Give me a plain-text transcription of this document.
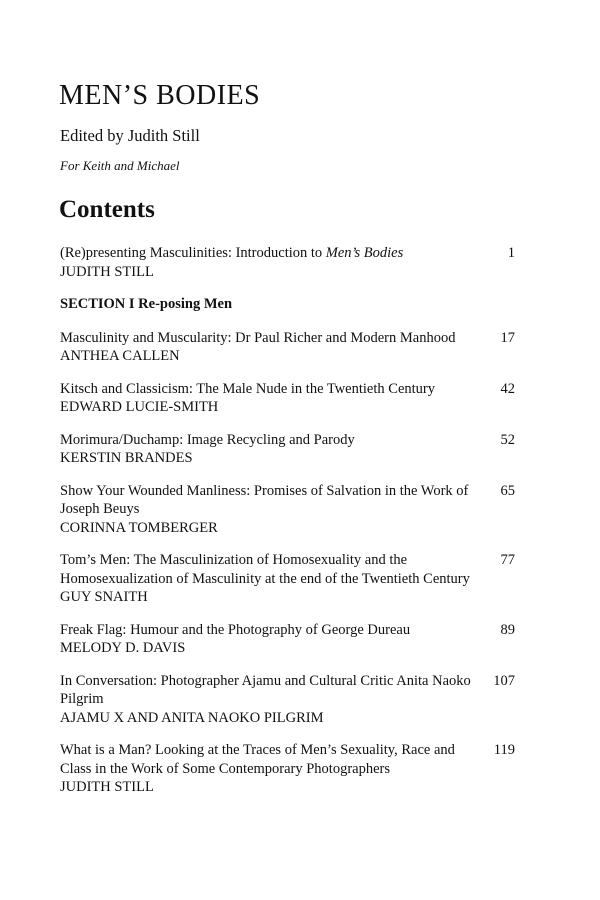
MEN’S BODIES

Edited by Judith Still

For Keith and Michael

Contents
(Re)presenting Masculinities: Introduction to Men’s Bodies
JUDITH STILL
1
SECTION I Re-posing Men
Masculinity and Muscularity: Dr Paul Richer and Modern Manhood
ANTHEA CALLEN
17
Kitsch and Classicism: The Male Nude in the Twentieth Century
EDWARD LUCIE-SMITH
42
Morimura/Duchamp: Image Recycling and Parody
KERSTIN BRANDES
52
Show Your Wounded Manliness: Promises of Salvation in the Work of Joseph Beuys
CORINNA TOMBERGER
65
Tom’s Men: The Masculinization of Homosexuality and the Homosexualization of Masculinity at the end of the Twentieth Century
GUY SNAITH
77
Freak Flag: Humour and the Photography of George Dureau
MELODY D. DAVIS
89
In Conversation: Photographer Ajamu and Cultural Critic Anita Naoko Pilgrim
AJAMU X AND ANITA NAOKO PILGRIM
107
What is a Man? Looking at the Traces of Men’s Sexuality, Race and Class in the Work of Some Contemporary Photographers
JUDITH STILL
119
